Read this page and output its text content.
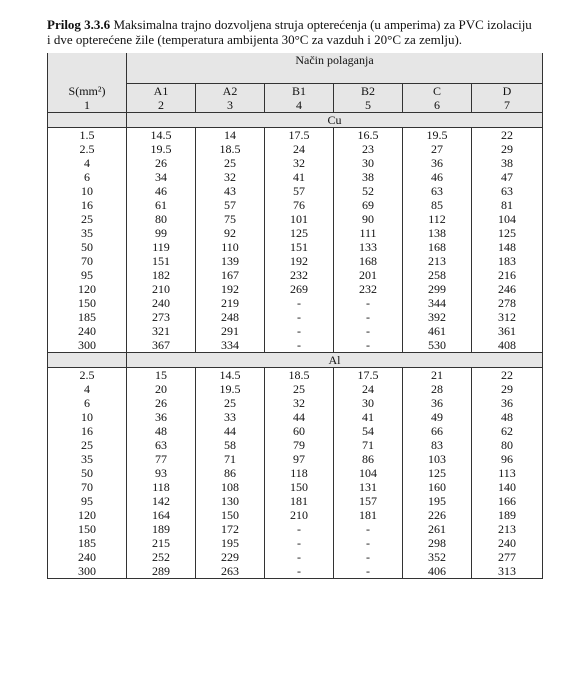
Prilog 3.3.6 Maksimalna trajno dozvoljena struja opterećenja (u amperima) za PVC izolaciju
i dve opterećene žile (temperatura ambijenta 30°C za vazduh i 20°C za zemlju).
	Način polaganja					
S(mm²)	A1	A2	B1	B2	C	D
1	2	3	4	5	6	7
	Cu					
1.5	14.5	14	17.5	16.5	19.5	22
2.5	19.5	18.5	24	23	27	29
4	26	25	32	30	36	38
6	34	32	41	38	46	47
10	46	43	57	52	63	63
16	61	57	76	69	85	81
25	80	75	101	90	112	104
35	99	92	125	111	138	125
50	119	110	151	133	168	148
70	151	139	192	168	213	183
95	182	167	232	201	258	216
120	210	192	269	232	299	246
150	240	219	-	-	344	278
185	273	248	-	-	392	312
240	321	291	-	-	461	361
300	367	334	-	-	530	408
	Al					
2.5	15	14.5	18.5	17.5	21	22
4	20	19.5	25	24	28	29
6	26	25	32	30	36	36
10	36	33	44	41	49	48
16	48	44	60	54	66	62
25	63	58	79	71	83	80
35	77	71	97	86	103	96
50	93	86	118	104	125	113
70	118	108	150	131	160	140
95	142	130	181	157	195	166
120	164	150	210	181	226	189
150	189	172	-	-	261	213
185	215	195	-	-	298	240
240	252	229	-	-	352	277
300	289	263	-	-	406	313
